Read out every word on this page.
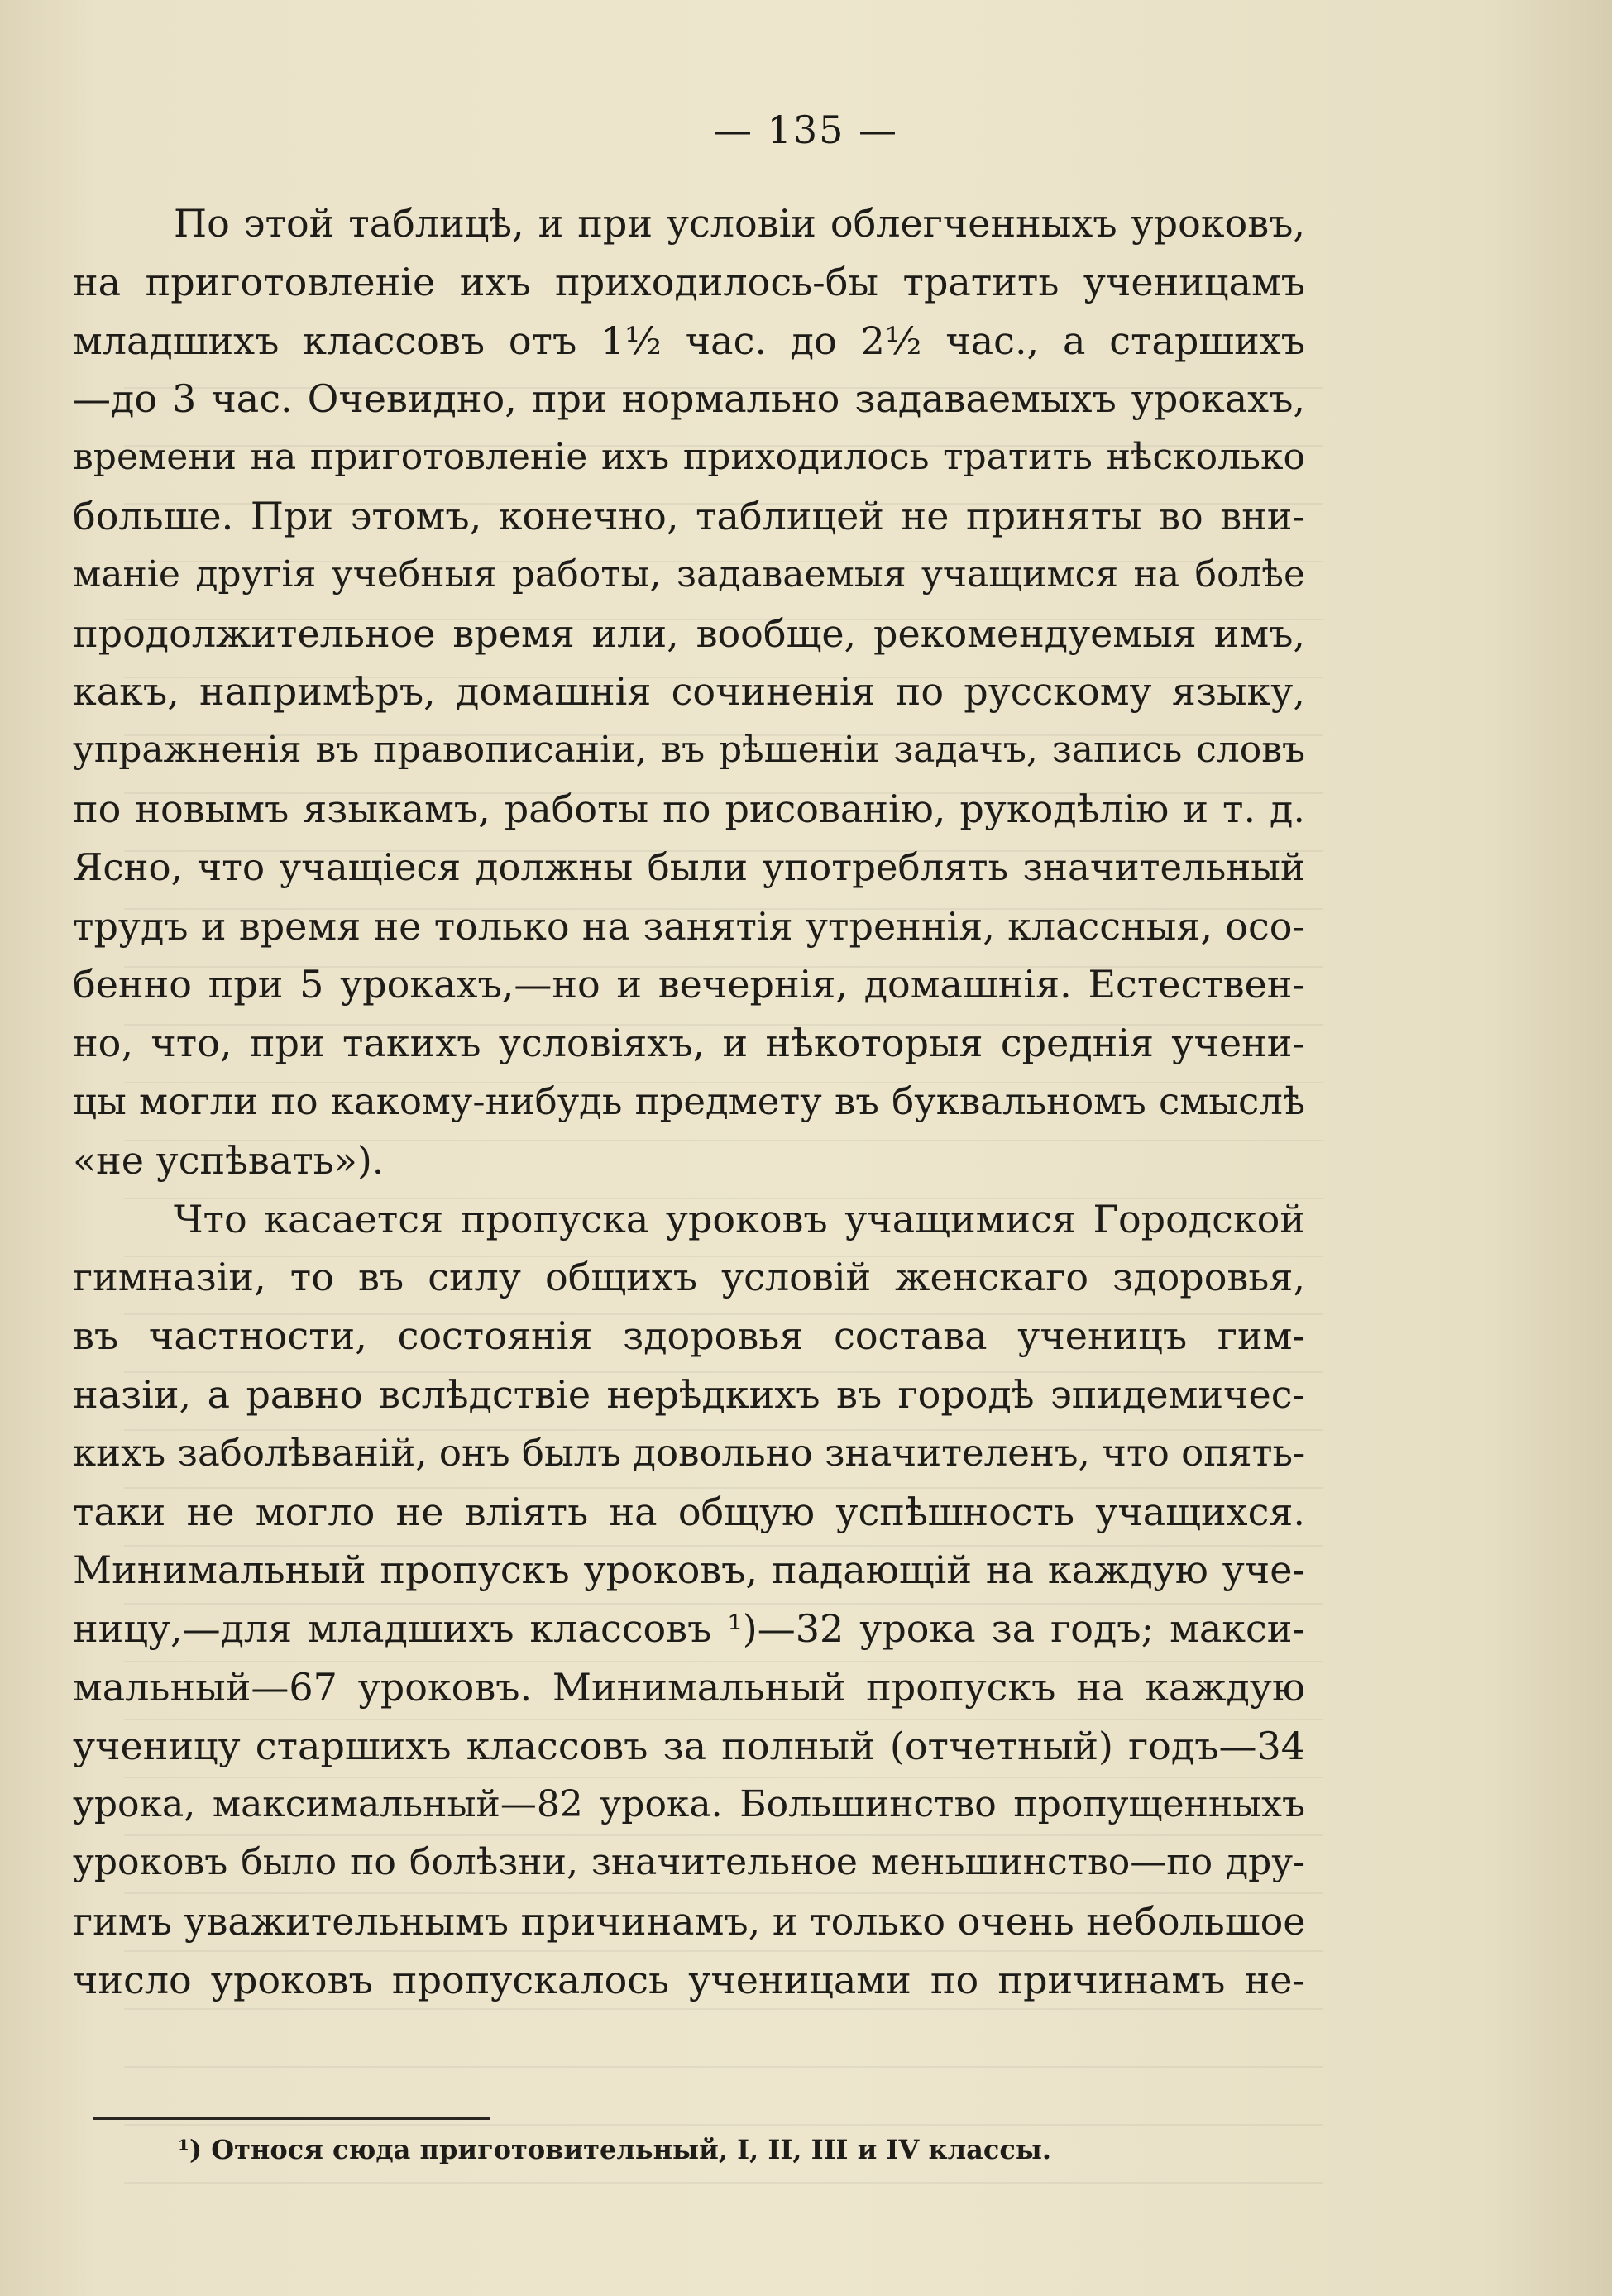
— 135 —
По этой таблицѣ, и при условіи облегченныхъ уроковъ,
на приготовленіе ихъ приходилось-бы тратить ученицамъ
младшихъ классовъ отъ 1½ час. до 2½ час., а старшихъ
—до 3 час. Очевидно, при нормально задаваемыхъ урокахъ,
времени на приготовленіе ихъ приходилось тратить нѣсколько
больше. При этомъ, конечно, таблицей не приняты во вни-
маніе другія учебныя работы, задаваемыя учащимся на болѣе
продолжительное время или, вообще, рекомендуемыя имъ,
какъ, напримѣръ, домашнія сочиненія по русскому языку,
упражненія въ правописаніи, въ рѣшеніи задачъ, запись словъ
по новымъ языкамъ, работы по рисованію, рукодѣлію и т. д.
Ясно, что учащіеся должны были употреблять значительный
трудъ и время не только на занятія утреннія, классныя, осо-
бенно при 5 урокахъ,—но и вечернія, домашнія. Естествен-
но, что, при такихъ условіяхъ, и нѣкоторыя среднія учени-
цы могли по какому-нибудь предмету въ буквальномъ смыслѣ
«не успѣвать»).
Что касается пропуска уроковъ учащимися Городской
гимназіи, то въ силу общихъ условій женскаго здоровья,
въ частности, состоянія здоровья состава ученицъ гим-
назіи, а равно вслѣдствіе нерѣдкихъ въ городѣ эпидемичес-
кихъ заболѣваній, онъ былъ довольно значителенъ, что опять-
таки не могло не вліять на общую успѣшность учащихся.
Минимальный пропускъ уроковъ, падающій на каждую уче-
ницу,—для младшихъ классовъ ¹)—32 урока за годъ; макси-
мальный—67 уроковъ. Минимальный пропускъ на каждую
ученицу старшихъ классовъ за полный (отчетный) годъ—34
урока, максимальный—82 урока. Большинство пропущенныхъ
уроковъ было по болѣзни, значительное меньшинство—по дру-
гимъ уважительнымъ причинамъ, и только очень небольшое
число уроковъ пропускалось ученицами по причинамъ не-
¹) Относя сюда приготовительный, I, II, III и IV классы.
